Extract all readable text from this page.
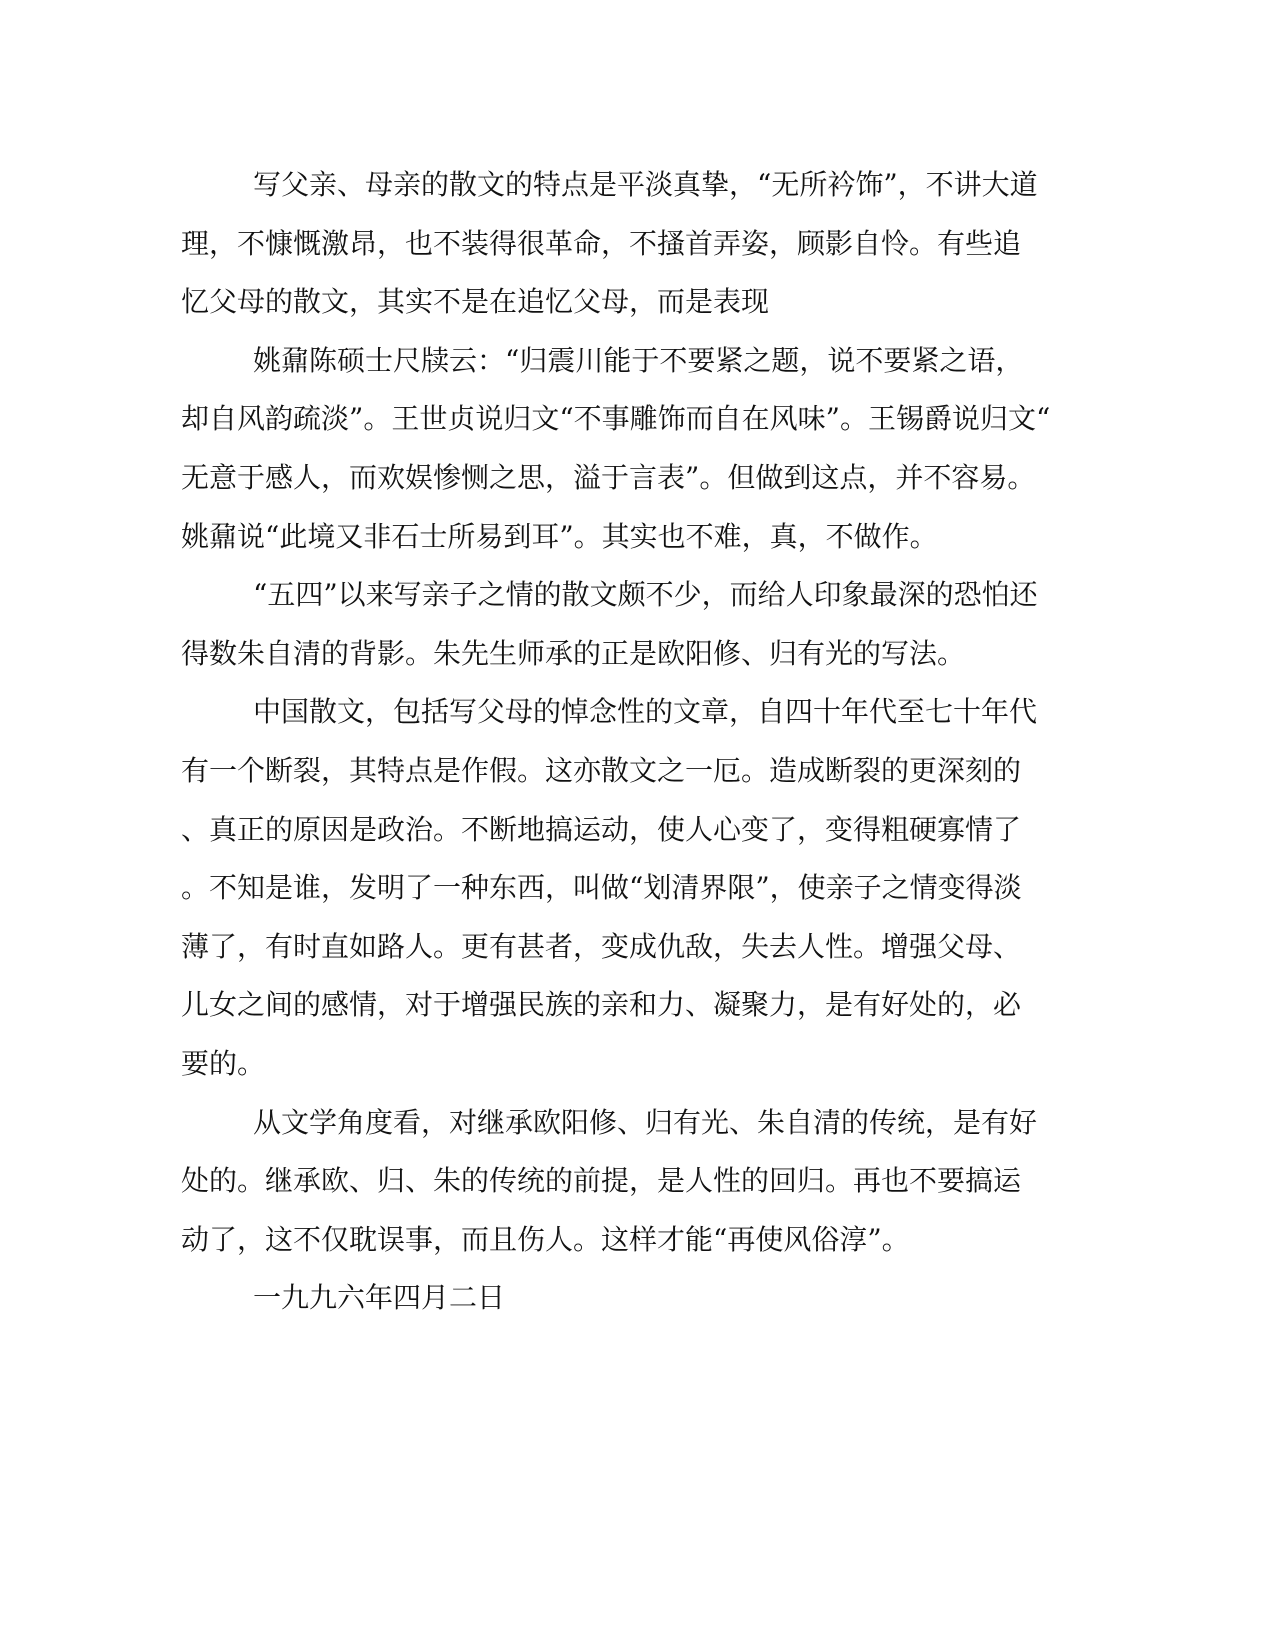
写父亲、母亲的散文的特点是平淡真挚，“无所衿饰”，不讲大道
理，不慷慨激昂，也不装得很革命，不搔首弄姿，顾影自怜。有些追
忆父母的散文，其实不是在追忆父母，而是表现
姚鼐陈硕士尺牍云：“归震川能于不要紧之题，说不要紧之语，
却自风韵疏淡”。王世贞说归文“不事雕饰而自在风味”。王锡爵说归文“
无意于感人，而欢娱惨恻之思，溢于言表”。但做到这点，并不容易。
姚鼐说“此境又非石士所易到耳”。其实也不难，真，不做作。
“五四”以来写亲子之情的散文颇不少，而给人印象最深的恐怕还
得数朱自清的背影。朱先生师承的正是欧阳修、归有光的写法。
中国散文，包括写父母的悼念性的文章，自四十年代至七十年代
有一个断裂，其特点是作假。这亦散文之一厄。造成断裂的更深刻的
、真正的原因是政治。不断地搞运动，使人心变了，变得粗硬寡情了
。不知是谁，发明了一种东西，叫做“划清界限”，使亲子之情变得淡
薄了，有时直如路人。更有甚者，变成仇敌，失去人性。增强父母、
儿女之间的感情，对于增强民族的亲和力、凝聚力，是有好处的，必
要的。
从文学角度看，对继承欧阳修、归有光、朱自清的传统，是有好
处的。继承欧、归、朱的传统的前提，是人性的回归。再也不要搞运
动了，这不仅耽误事，而且伤人。这样才能“再使风俗淳”。
一九九六年四月二日
